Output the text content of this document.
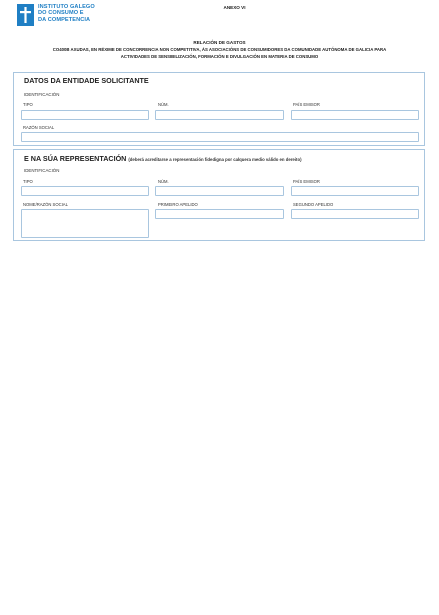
INSTITUTO GALEGO
DO CONSUMO E
DA COMPETENCIA
ANEXO VI
RELACIÓN DE GASTOS
CO400B AXUDAS, EN RÉXIME DE CONCORRENCIA NON COMPETITIVA, ÁS ASOCIACIÓNS DE CONSUMIDORES DA COMUNIDADE AUTÓNOMA DE GALICIA PARA
ACTIVIDADES DE SENSIBILIZACIÓN, FORMACIÓN E DIVULGACIÓN EN MATERIA DE CONSUMO
DATOS DA ENTIDADE SOLICITANTE
IDENTIFICACIÓN
TIPO	NÚM.	PAÍS EMISOR
RAZÓN SOCIAL
E NA SÚA REPRESENTACIÓN (deberá acreditarse a representación fidedigna por calquera medio válido en dereito)
IDENTIFICACIÓN
TIPO	NÚM.	PAÍS EMISOR
NOME/RAZÓN SOCIAL	PRIMEIRO APELIDO	SEGUNDO APELIDO
